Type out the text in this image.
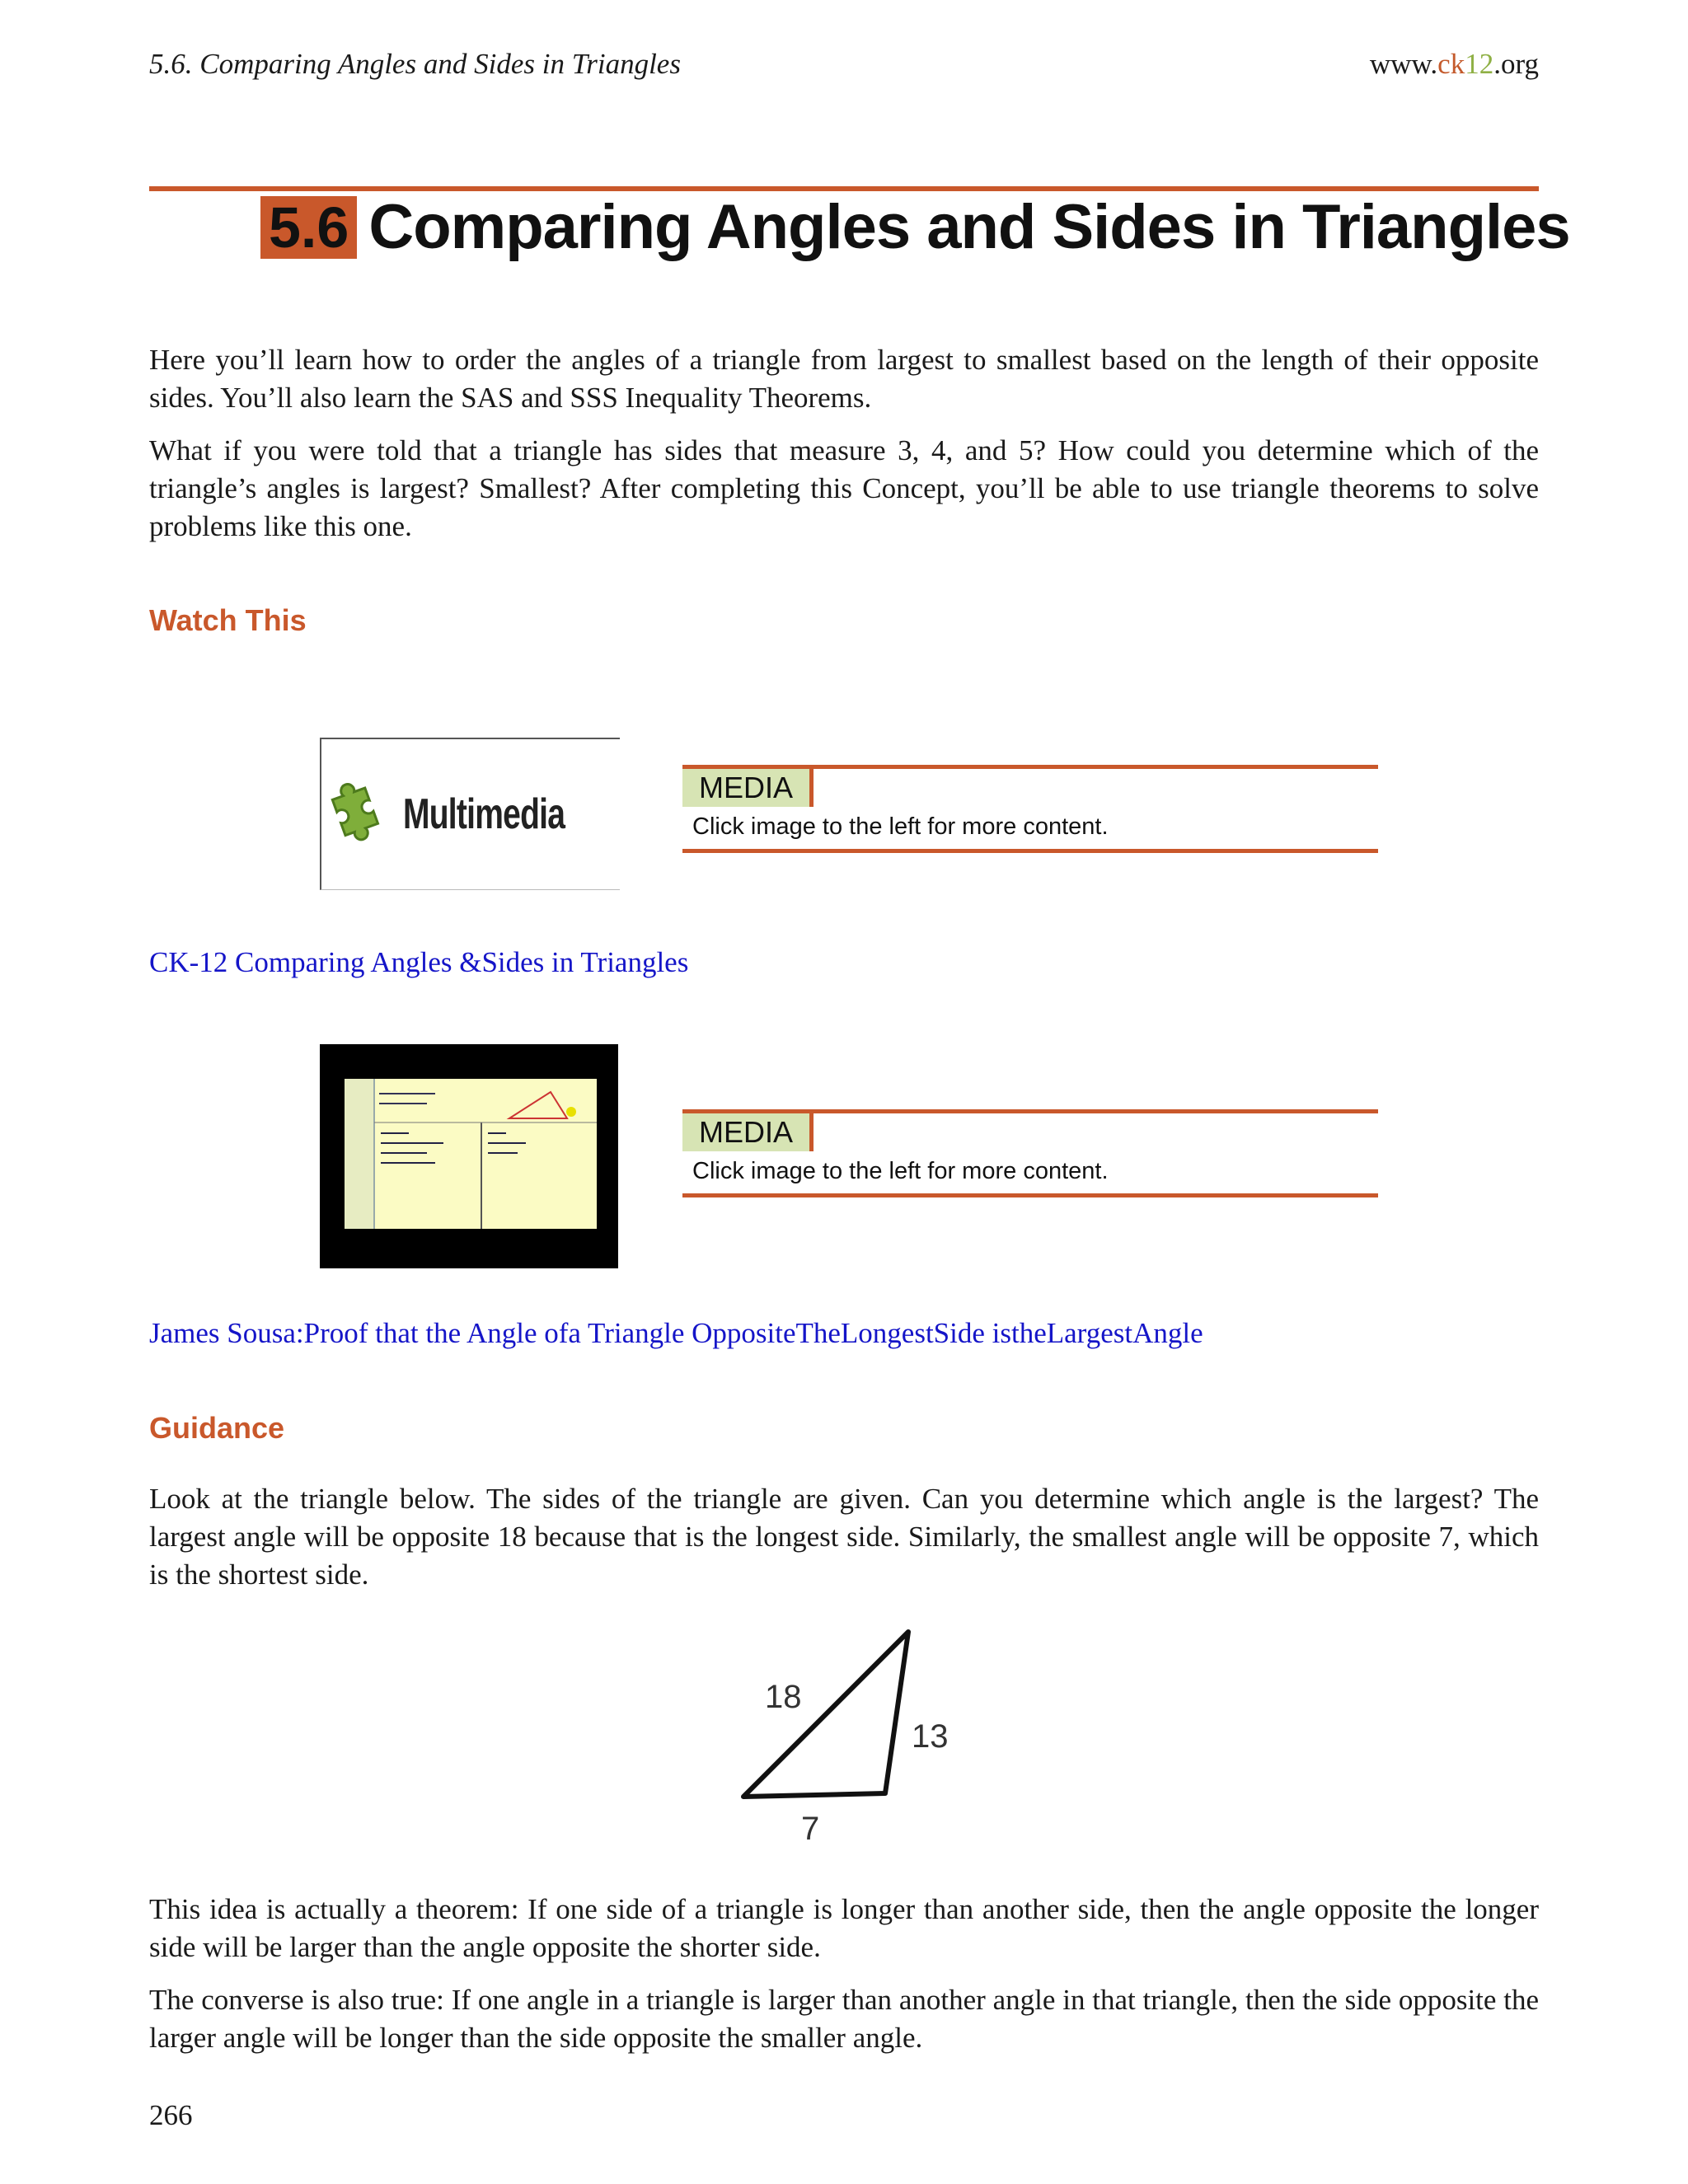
5.6. Comparing Angles and Sides in Triangles	www.ck12.org
5.6 Comparing Angles and Sides in Triangles

Here you’ll learn how to order the angles of a triangle from largest to smallest based on the length of their opposite sides. You’ll also learn the SAS and SSS Inequality Theorems.

What if you were told that a triangle has sides that measure 3, 4, and 5? How could you determine which of the triangle’s angles is largest? Smallest? After completing this Concept, you’ll be able to use triangle theorems to solve problems like this one.

Watch This
Multimedia
MEDIA
Click image to the left for more content.

CK-12 Comparing Angles &Sides in Triangles

MEDIA
Click image to the left for more content.

James Sousa:Proof that the Angle ofa Triangle OppositeTheLongestSide istheLargestAngle

Guidance

Look at the triangle below. The sides of the triangle are given. Can you determine which angle is the largest? The largest angle will be opposite 18 because that is the longest side. Similarly, the smallest angle will be opposite 7, which is the shortest side.

18
13
7

This idea is actually a theorem: If one side of a triangle is longer than another side, then the angle opposite the longer side will be larger than the angle opposite the shorter side.

The converse is also true: If one angle in a triangle is larger than another angle in that triangle, then the side opposite the larger angle will be longer than the side opposite the smaller angle.

266
